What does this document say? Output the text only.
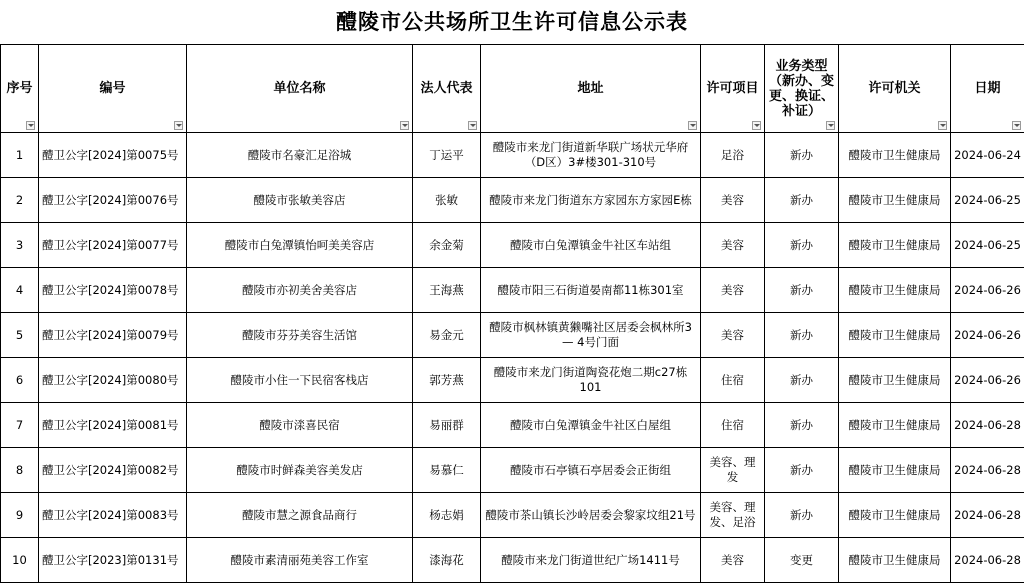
醴陵市公共场所卫生许可信息公示表
序号	编号	单位名称	法人代表	地址	许可项目	业务类型（新办、变更、换证、补证）	许可机关	日期

1	醴卫公字[2024]第0075号	醴陵市名豪汇足浴城	丁运平	醴陵市来龙门街道新华联广场状元华府（D区）3#楼301-310号	足浴	新办	醴陵市卫生健康局	2024-06-24
2	醴卫公字[2024]第0076号	醴陵市张敏美容店	张敏	醴陵市来龙门街道东方家园东方家园E栋	美容	新办	醴陵市卫生健康局	2024-06-25
3	醴卫公字[2024]第0077号	醴陵市白兔潭镇怡呵美美容店	余金菊	醴陵市白兔潭镇金牛社区车站组	美容	新办	醴陵市卫生健康局	2024-06-25
4	醴卫公字[2024]第0078号	醴陵市亦初美舍美容店	王海燕	醴陵市阳三石街道晏南都11栋301室	美容	新办	醴陵市卫生健康局	2024-06-26
5	醴卫公字[2024]第0079号	醴陵市芬芬美容生活馆	易金元	醴陵市枫林镇黄獭嘴社区居委会枫林所3 — 4号门面	美容	新办	醴陵市卫生健康局	2024-06-26
6	醴卫公字[2024]第0080号	醴陵市小住一下民宿客栈店	郭芳燕	醴陵市来龙门街道陶瓷花炮二期c27栋101	住宿	新办	醴陵市卫生健康局	2024-06-26
7	醴卫公字[2024]第0081号	醴陵市渁喜民宿	易丽群	醴陵市白兔潭镇金牛社区白屋组	住宿	新办	醴陵市卫生健康局	2024-06-28
8	醴卫公字[2024]第0082号	醴陵市时鲜森美容美发店	易慕仁	醴陵市石亭镇石亭居委会正街组	美容、理发	新办	醴陵市卫生健康局	2024-06-28
9	醴卫公字[2024]第0083号	醴陵市慧之源食品商行	杨志娟	醴陵市茶山镇长沙岭居委会黎家坟组21号	美容、理发、足浴	新办	醴陵市卫生健康局	2024-06-28
10	醴卫公字[2023]第0131号	醴陵市素清丽苑美容工作室	漆海花	醴陵市来龙门街道世纪广场1411号	美容	变更	醴陵市卫生健康局	2024-06-28
